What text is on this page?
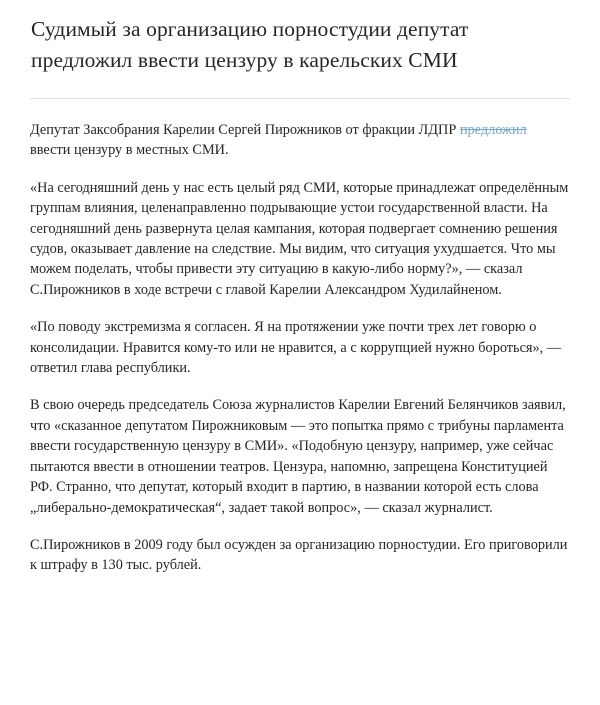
Судимый за организацию порностудии депутат предложил ввести цензуру в карельских СМИ

Депутат Заксобрания Карелии Сергей Пирожников от фракции ЛДПР предложил ввести цензуру в местных СМИ.

«На сегодняшний день у нас есть целый ряд СМИ, которые принадлежат определённым группам влияния, целенаправленно подрывающие устои государственной власти. На сегодняшний день развернута целая кампания, которая подвергает сомнению решения судов, оказывает давление на следствие. Мы видим, что ситуация ухудшается. Что мы можем поделать, чтобы привести эту ситуацию в какую-либо норму?», — сказал С.Пирожников в ходе встречи с главой Карелии Александром Худилайненом.

«По поводу экстремизма я согласен. Я на протяжении уже почти трех лет говорю о консолидации. Нравится кому-то или не нравится, а с коррупцией нужно бороться», — ответил глава республики.

В свою очередь председатель Союза журналистов Карелии Евгений Белянчиков заявил, что «сказанное депутатом Пирожниковым — это попытка прямо с трибуны парламента ввести государственную цензуру в СМИ». «Подобную цензуру, например, уже сейчас пытаются ввести в отношении театров. Цензура, напомню, запрещена Конституцией РФ. Странно, что депутат, который входит в партию, в названии которой есть слова „либерально-демократическая“, задает такой вопрос», — сказал журналист.

С.Пирожников в 2009 году был осужден за организацию порностудии. Его приговорили к штрафу в 130 тыс. рублей.
